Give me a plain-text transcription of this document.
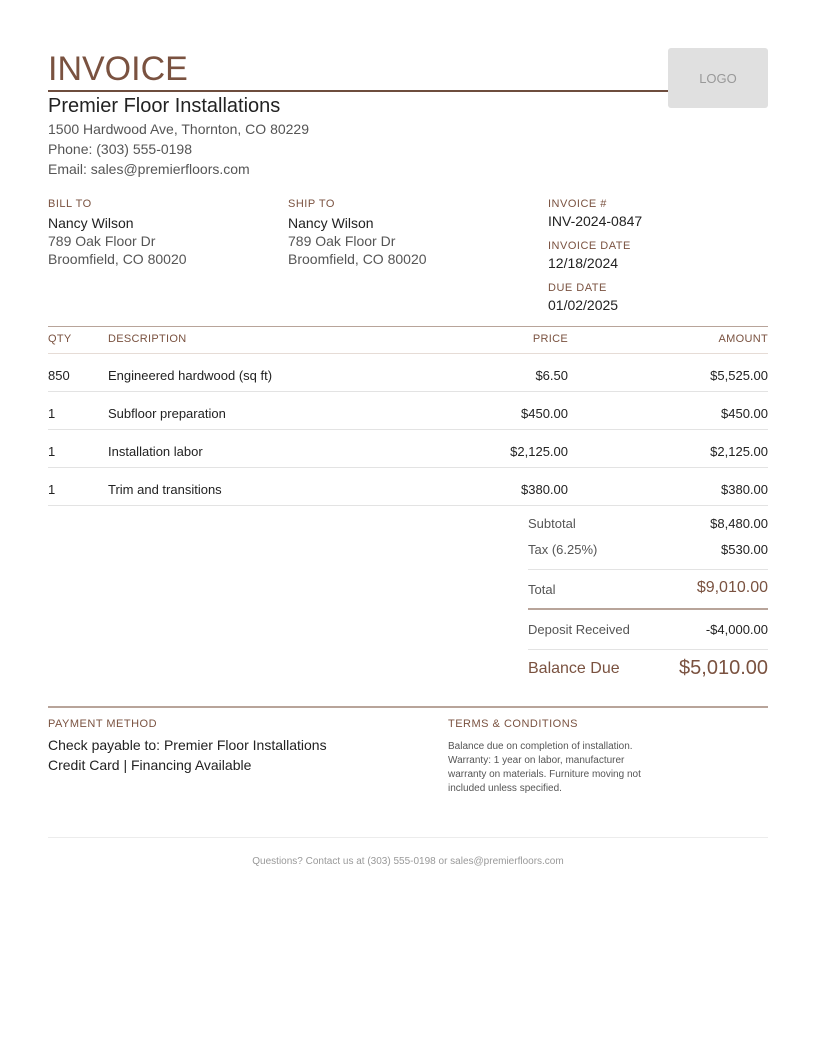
INVOICE	LOGO
Premier Floor Installations
1500 Hardwood Ave, Thornton, CO 80229
Phone: (303) 555-0198
Email: sales@premierfloors.com
BILL TO
Nancy Wilson
789 Oak Floor Dr
Broomfield, CO 80020
SHIP TO
Nancy Wilson
789 Oak Floor Dr
Broomfield, CO 80020
INVOICE #
INV-2024-0847
INVOICE DATE
12/18/2024
DUE DATE
01/02/2025
QTY	DESCRIPTION	PRICE	AMOUNT
850	Engineered hardwood (sq ft)	$6.50	$5,525.00
1	Subfloor preparation	$450.00	$450.00
1	Installation labor	$2,125.00	$2,125.00
1	Trim and transitions	$380.00	$380.00
Subtotal	$8,480.00
Tax (6.25%)	$530.00
Total	$9,010.00
Deposit Received	-$4,000.00
Balance Due	$5,010.00
PAYMENT METHOD
Check payable to: Premier Floor Installations
Credit Card | Financing Available
TERMS & CONDITIONS
Balance due on completion of installation. Warranty: 1 year on labor, manufacturer warranty on materials. Furniture moving not included unless specified.
Questions? Contact us at (303) 555-0198 or sales@premierfloors.com
